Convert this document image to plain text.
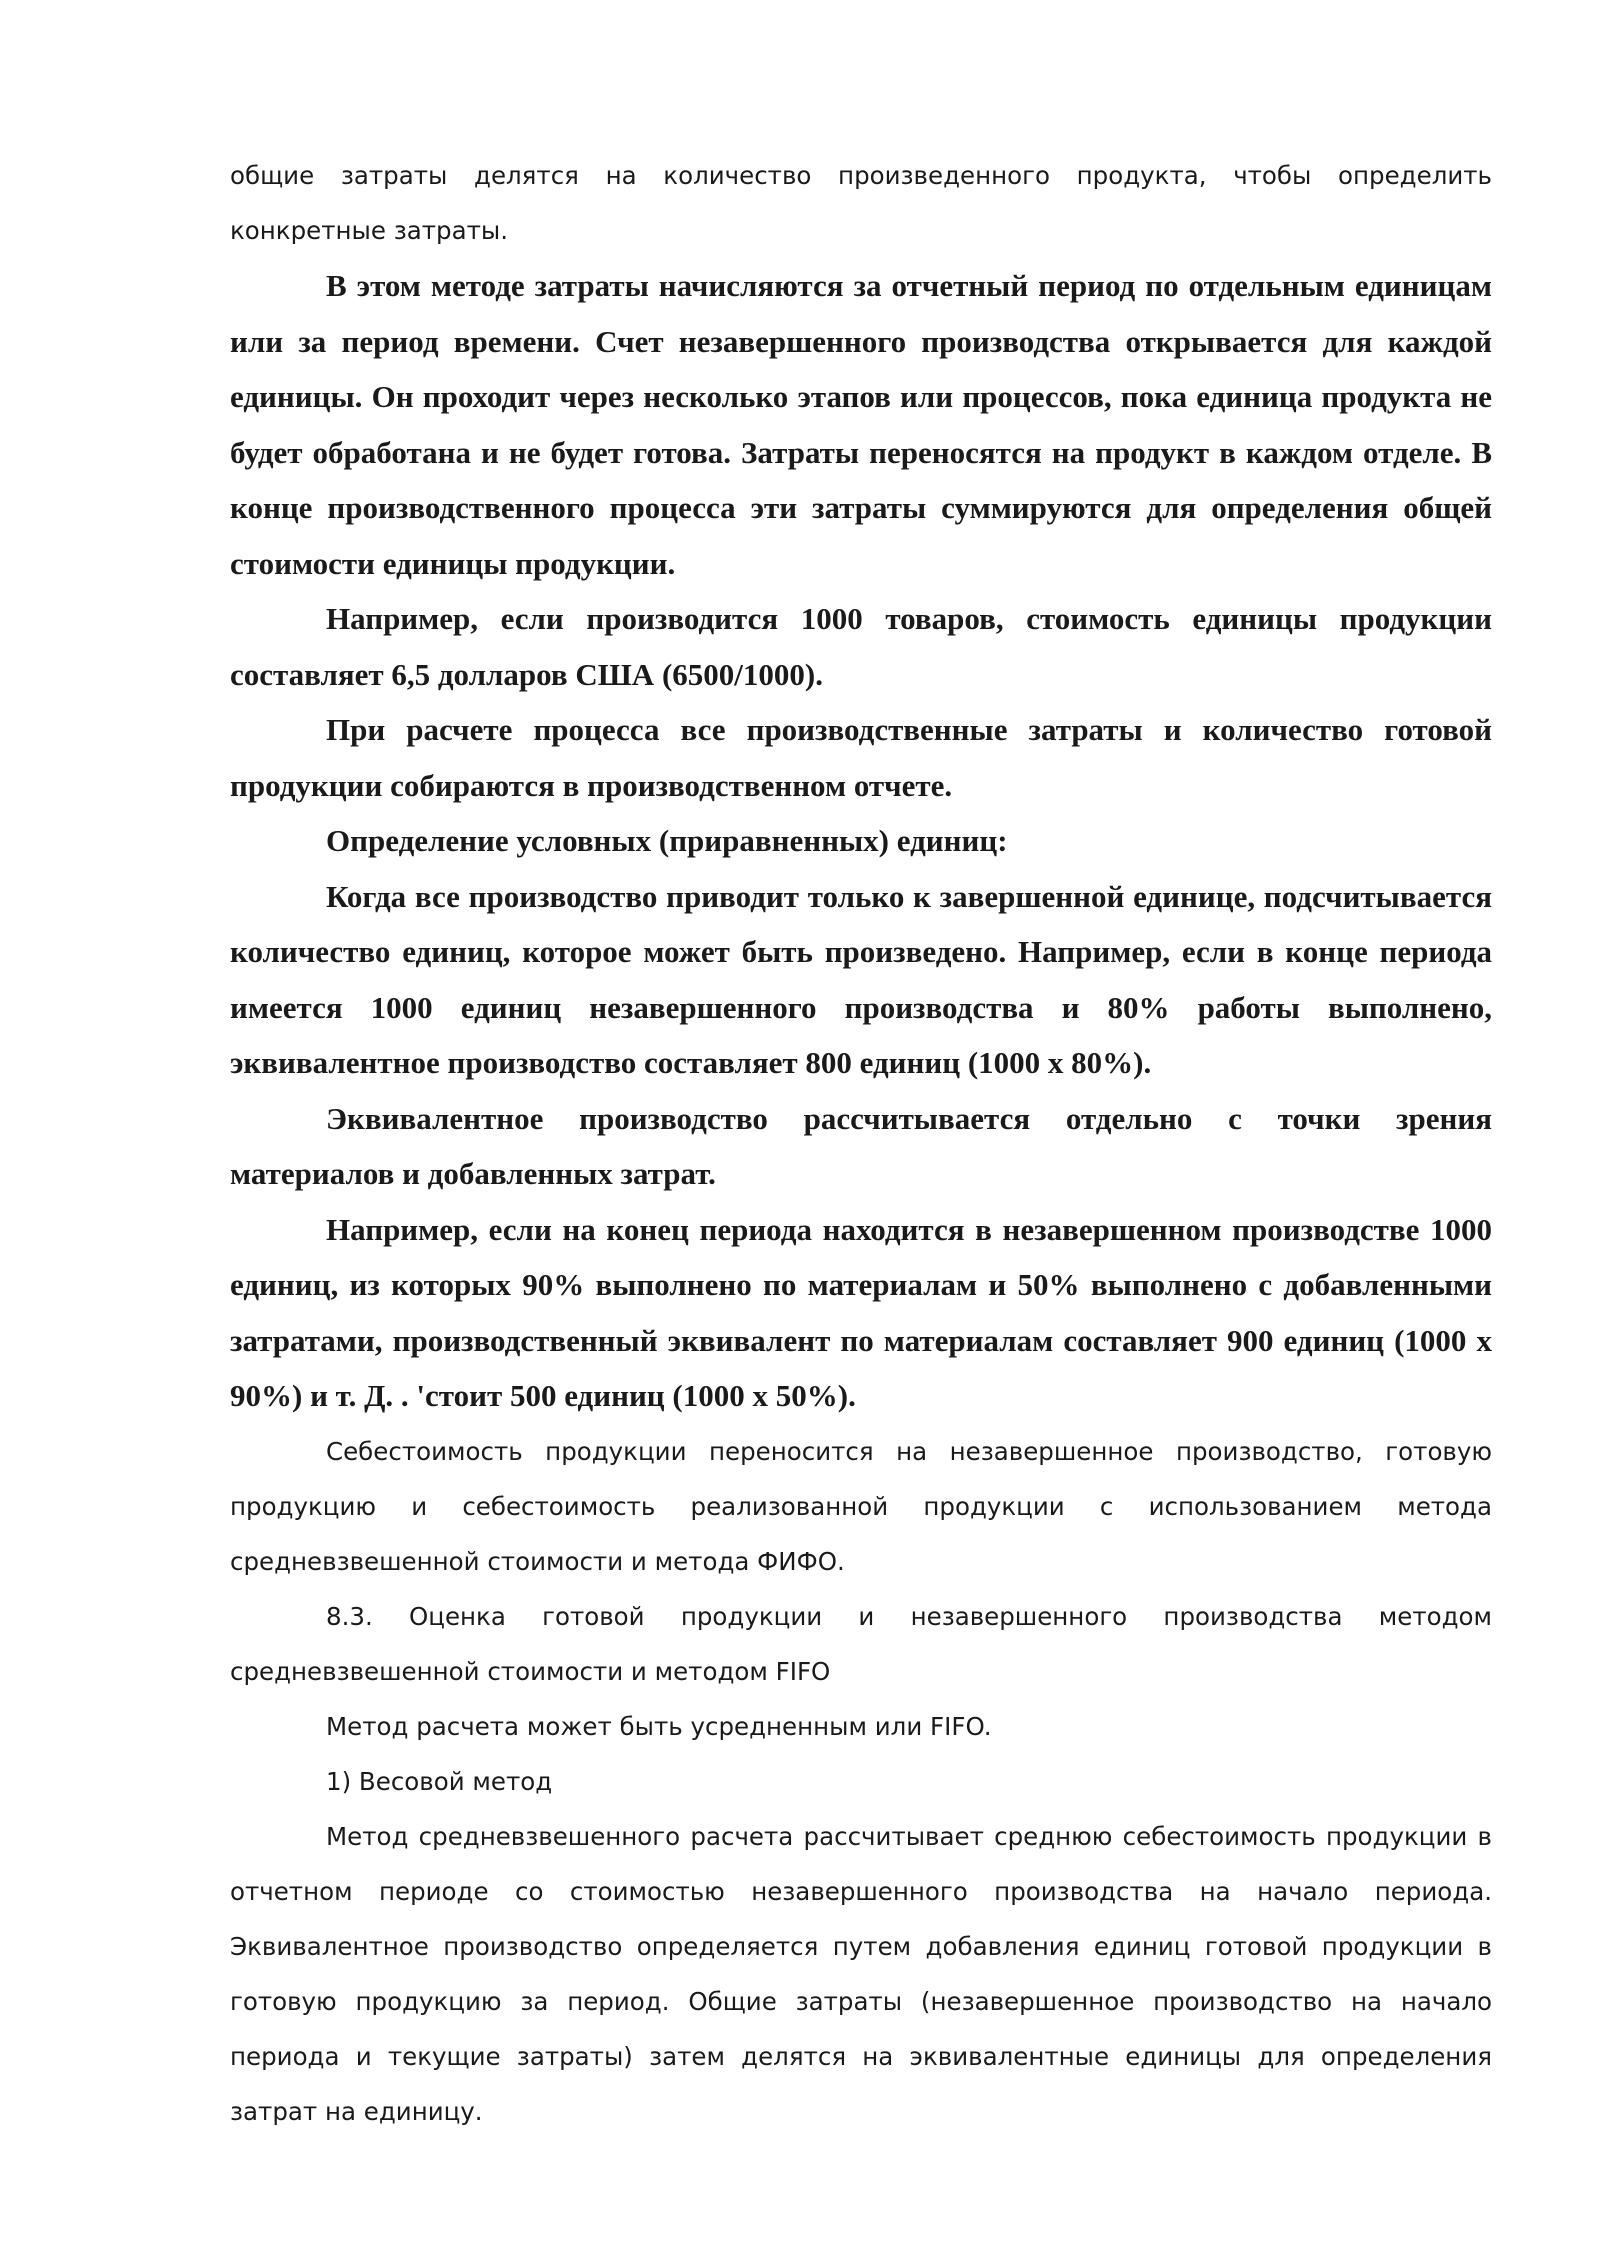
общие затраты делятся на количество произведенного продукта, чтобы определить конкретные затраты.

В этом методе затраты начисляются за отчетный период по отдельным единицам или за период времени. Счет незавершенного производства открывается для каждой единицы. Он проходит через несколько этапов или процессов, пока единица продукта не будет обработана и не будет готова. Затраты переносятся на продукт в каждом отделе. В конце производственного процесса эти затраты суммируются для определения общей стоимости единицы продукции.

Например, если производится 1000 товаров, стоимость единицы продукции составляет 6,5 долларов США (6500/1000).

При расчете процесса все производственные затраты и количество готовой продукции собираются в производственном отчете.

Определение условных (приравненных) единиц:

Когда все производство приводит только к завершенной единице, подсчитывается количество единиц, которое может быть произведено. Например, если в конце периода имеется 1000 единиц незавершенного производства и 80% работы выполнено, эквивалентное производство составляет 800 единиц (1000 х 80%).

Эквивалентное производство рассчитывается отдельно с точки зрения материалов и добавленных затрат.

Например, если на конец периода находится в незавершенном производстве 1000 единиц, из которых 90% выполнено по материалам и 50% выполнено с добавленными затратами, производственный эквивалент по материалам составляет 900 единиц (1000 х 90%) и т. Д. . 'стоит 500 единиц (1000 х 50%).

Себестоимость продукции переносится на незавершенное производство, готовую продукцию и себестоимость реализованной продукции с использованием метода средневзвешенной стоимости и метода ФИФО.

8.3. Оценка готовой продукции и незавершенного производства методом средневзвешенной стоимости и методом FIFO

Метод расчета может быть усредненным или FIFO.

1) Весовой метод

Метод средневзвешенного расчета рассчитывает среднюю себестоимость продукции в отчетном периоде со стоимостью незавершенного производства на начало периода. Эквивалентное производство определяется путем добавления единиц готовой продукции в готовую продукцию за период. Общие затраты (незавершенное производство на начало периода и текущие затраты) затем делятся на эквивалентные единицы для определения затрат на единицу.
